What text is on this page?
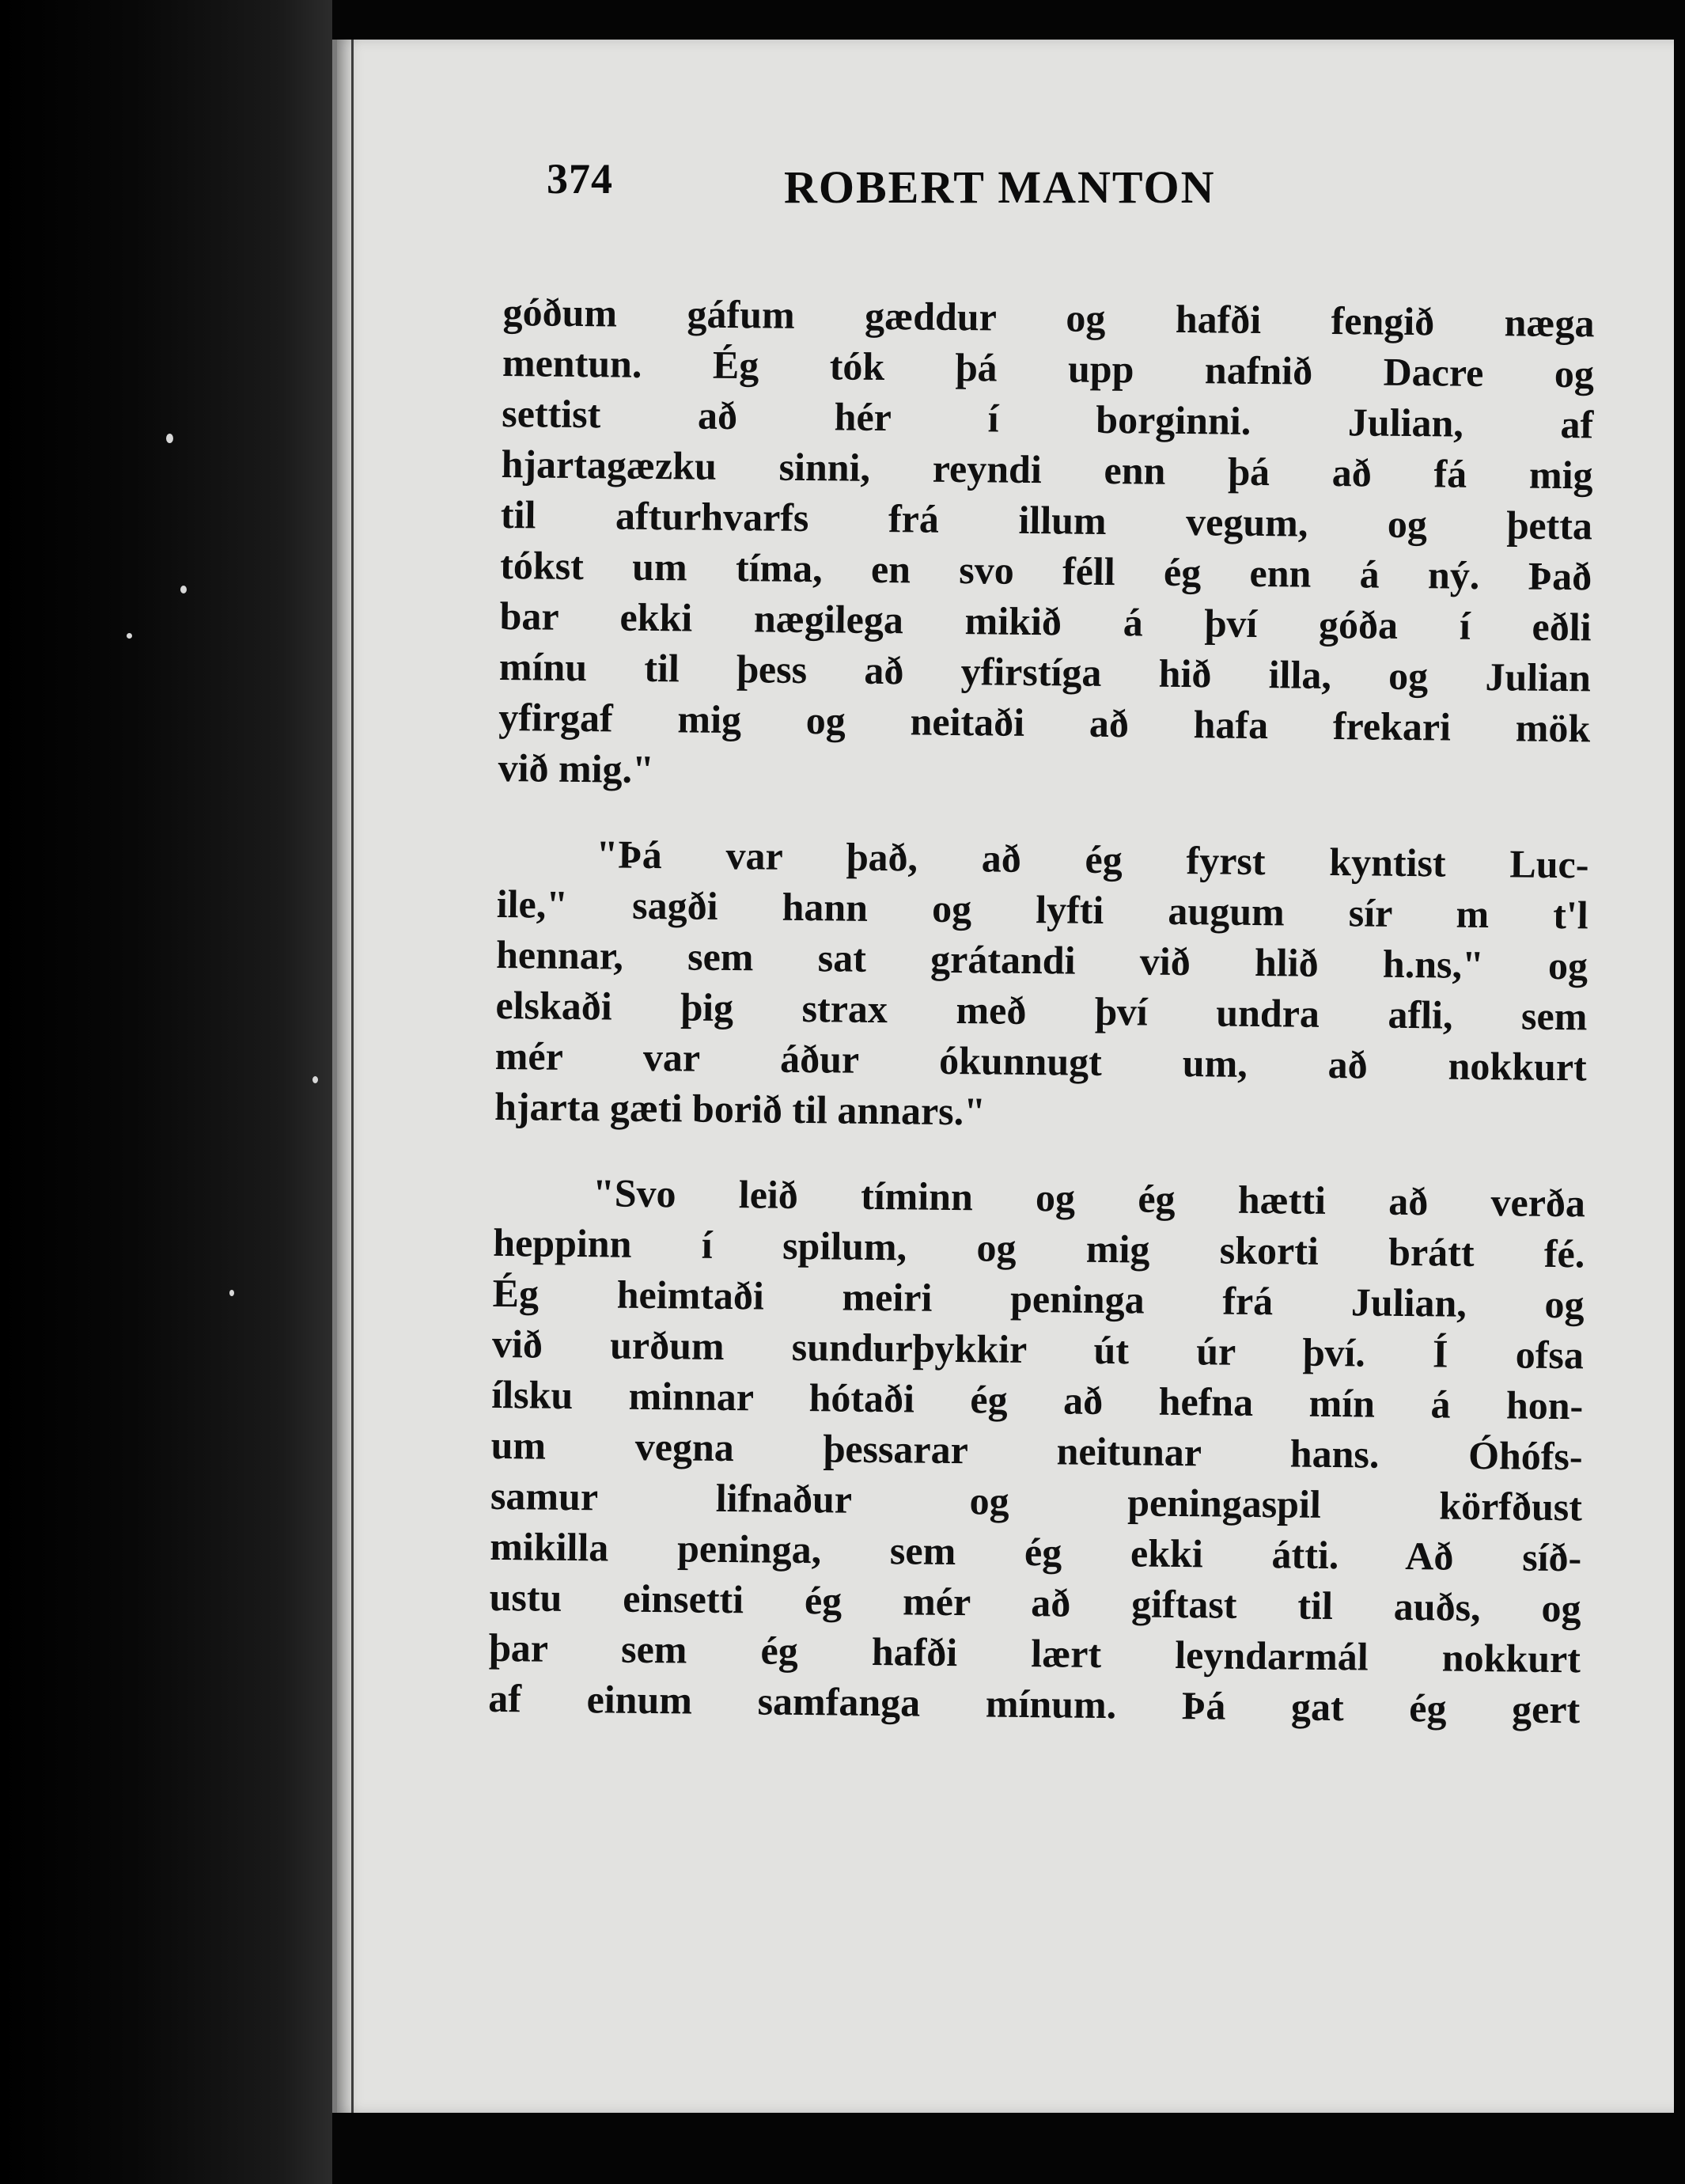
374	ROBERT MANTON

góðum gáfum gæddur og hafði fengið næga
mentun. Ég tók þá upp nafnið Dacre og
settist að hér í borginni. Julian, af
hjartagæzku sinni, reyndi enn þá að fá mig
til afturhvarfs frá illum vegum, og þetta
tókst um tíma, en svo féll ég enn á ný. Það
bar ekki nægilega mikið á því góða í eðli
mínu til þess að yfirstíga hið illa, og Julian
yfirgaf mig og neitaði að hafa frekari mök
við mig."

"Þá var það, að ég fyrst kyntist Luc-
ile," sagði hann og lyfti augum sír m t'l
hennar, sem sat grátandi við hlið h.ns," og
elskaði þig strax með því undra afli, sem
mér var áður ókunnugt um, að nokkurt
hjarta gæti borið til annars."

"Svo leið tíminn og ég hætti að verða
heppinn í spilum, og mig skorti brátt fé.
Ég heimtaði meiri peninga frá Julian, og
við urðum sundurþykkir út úr því. Í ofsa
ílsku minnar hótaði ég að hefna mín á hon-
um vegna þessarar neitunar hans. Óhófs-
samur lifnaður og peningaspil körfðust
mikilla peninga, sem ég ekki átti. Að síð-
ustu einsetti ég mér að giftast til auðs, og
þar sem ég hafði lært leyndarmál nokkurt
af einum samfanga mínum. Þá gat ég gert
